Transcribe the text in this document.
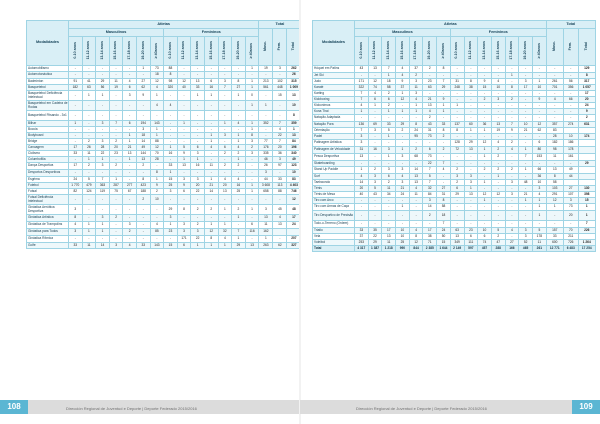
Modalidades	Atletas														Total		
	Masculinos							Femininos							Masc.	Fem.	Total
	0-10 anos	11-12 anos	13-14 anos	15-16 anos	17-18 anos	19-20 anos	≥ 40anos	0-10 anos	11-12 anos	13-14 anos	15-16 anos	17-18 anos	19-20 anos	≥ 40anos			
Automobilismo	-	-	-	-	-	1	73	88	-	-	-	-	-	1	19	3	262
Automotonáutica	-	-	-	-	-	-	18	8	-	-	-	-	-	-	-	-	26
Badminton	91	41	29	11	4	27	12	98	12	13	6	3	8	1	213	102	315
Basquetebol	182	63	56	19	6	62	4	320	40	33	16	7	27	1	561	448	1 009
Basquetebol Deficiência Intelectual	-	1	1	-	3	9	1	-	-	1	1	-	1	0	-	15	13
Basquetebol em Cadeira de Rodas	-	-	-	-	-	-	4	4	-	-	-	-	-	1	1	-	10
Basquetebol Fitsando - 3x1	-	-	-	-	-	-	-	-	-	-	-	-	-	-	-	-	8
Bilhar	1	-	3	7	6	194	143	-	1	-	-	1	4	1	352	7	359
Boccia	-	-	-	-	-	3	1	-	-	-	-	-	-	1	-	4	1
Bodyboard	-	-	-	-	1	18	1	-	-	-	1	3	1	8	-	22	13
Bridge	-	2	3	2	1	14	88	-	-	-	1	-	1	3	77	7	84
Canoagem	17	26	28	20	21	49	12	1	5	6	4	6	4	2	176	20	196
Ciclismo	33	11	22	23	13	144	70	16	9	3	-	2	2	3	335	36	340
Columbofilia	-	1	1	-	1	13	28	-	1	1	-	-	1	-	46	3	49
Dança Desportiva	17	2	3	2	-	2	-	33	13	16	11	2	2	-	26	97	123
Desportos Desportivos	-	-	-	-	-	-	8	1	-	-	-	-	-	-	3	-	10
Esgrima	24	5	7	1	-	8	1	15	3	3	1	4	4	-	44	33	83
Futebol	1 770	479	363	287	277	423	9	25	9	20	21	20	16	1	3 608	113	4 403
Futsal	82	124	119	75	67	188	2	3	6	22	14	13	25	1	658	88	746
Futsal Deficiência Intelectual	-	-	-	-	-	2	10	-	-	-	-	-	-	-	-	-	12
Ginástica Aeróbica Desportiva	3	-	-	-	-	-	-	29	8	2	2	1	2	1	3	45	48
Ginástica Artística	8	-	3	2	-	-	-	3	-	-	-	-	1	-	13	4	17
Ginástica de Trampolins	4	1	1	-	3	-	4	1	3	2	1	1	-	6	11	13	24
Ginástica para Todos	3	1	1	-	2	-	85	23	3	3	12	32	7	116	162		
Ginástica Rítmica	-	-	-	-	-	-	-	-	171	22	8	4	1	-	1	-	207
Golfe	33	11	14	3	4	33	143	15	6	1	1	1	29	13	263	62	327
108	Dirección Regional de Juventud e Deporte | Deporte Federado 2015/2016
Modalidades	Atletas														Total		
	Masculinos							Femininos							Masc.	Fem.	Total
	0-10 anos	11-12 anos	13-14 anos	15-16 anos	17-18 anos	19-20 anos	≥ 40anos	0-10 anos	11-12 anos	13-14 anos	15-16 anos	17-18 anos	19-20 anos	≥ 40anos			
Hóquei em Patins	43	13	7	4	37	2	8	-	-	-	-	-	-	-	-	-	129
Jet Ski	-	-	1	4	2	-	-	-	-	-	-	1	-	-	-	-	8
Judo	171	12	18	9	3	23	7	31	8	9	4	-	3	1	261	56	317
Karaté	322	74	58	37	11	63	29	248	38	15	10	8	17	10	701	356	1 057
Karting	7	4	2	1	3	-	-	-	-	-	-	-	-	-	-	-	17
Kickboxing	7	6	6	12	4	21	9	-	-	2	3	2	-	9	4	66	20
Kickonimus	4	1	2	-	1	13	1	1	-	-	-	-	-	-	-	-	24
Kuna Thai	1	-	1	1	1	4	1	-	-	-	-	-	-	-	-	-	9
Natação Adaptada	-	-	-	-	-	2	-	-	-	-	-	-	-	-	-	-	2
Natação Pura	136	69	33	29	8	43	33	137	60	36	13	7	10	12	357	274	631
Orientação	7	3	5	2	24	31	8	8	1	1	19	9	21	62	83		
Padel	3	-	1	-	95	73	2	-	-	-	-	-	-	-	28	10	174
Patinagem Artística	3	-	-	-	-	-	-	128	29	12	4	2	-	6	182	186	
Patinagem de Velocidade	31	16	3	1	2	6	2	72	13	1	2	4	1	80	98	178	
Pesca Desportiva	13	-	1	3	68	73	-	-	-	1	2	-	7	153	11	161	
Skateboarding	-	-	-	-	-	22	7	-	-	-	-	-	-	-	-	-	29
Stand Up Paddle	1	2	3	3	14	7	4	2	-	2	2	2	1	66	13	49	
Surf	4	3	6	4	13	5	-	3	3	-	1	-	-	36	8	44	
Taekwondo	14	3	2	3	13	7	-	2	3	1	-	3	48	10	58		
Ténis	20	5	11	21	4	32	27	6	1	-	-	-	-	3	103	27	130
Ténis de Mesa	40	43	34	24	11	84	31	29	13	12	12	3	21	4	291	107	398
Tiro com Arco	-	-	-	-	-	3	8	-	-	1	-	-	1	1	12	3	15
Tiro com Armas de Caça	-	-	-	1	-	14	58	-	-	-	-	-	-	1	1	73	1
Tiro Desportivo de Precisão	-	-	-	-	-	2	18	-	-	-	-	-	-	1	-	20	1
Todo-o-Terreno (Ordem)	-	-	-	-	-	-	7	-	-	-	-	-	-	-	-	-	7
Triatlo	33	35	17	10	4	17	24	63	23	10	5	4	3	5	157	70	226
Vela	37	22	13	10	8	38	50	13	6	6	2	-	3	178	33	211	
Voleibol	253	29	11	25	12	71	15	349	111	74	47	27	52	11	600	726	1 264
Total	4 317	1 387	1 218	990	844	2 385	1 644	2 149	597	457	288	166	465	261	12 771	6 483	17 254
109
Dirección Regional de Juventud e Deporte | Deporte Federado 2015/2016
